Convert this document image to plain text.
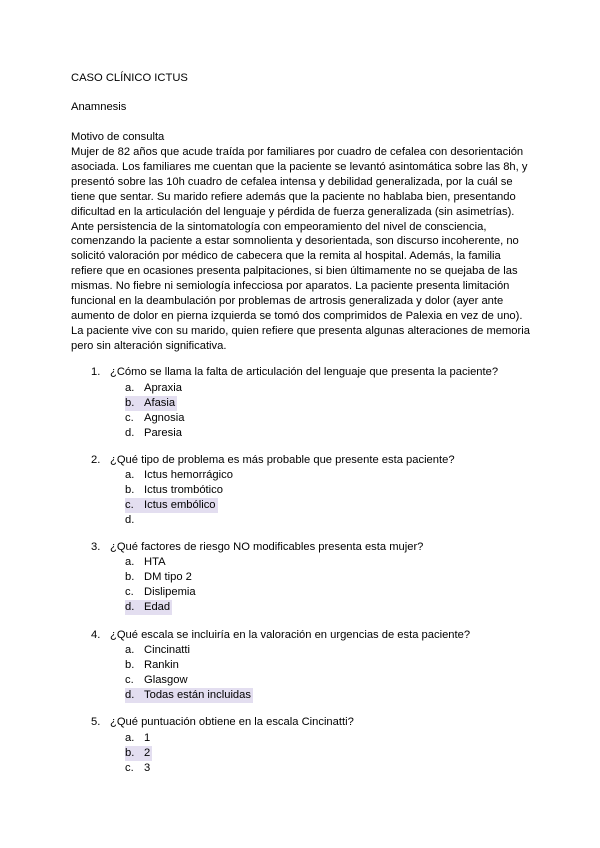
CASO CLÍNICO ICTUS

Anamnesis

Motivo de consulta

Mujer de 82 años que acude traída por familiares por cuadro de cefalea con desorientación
asociada. Los familiares me cuentan que la paciente se levantó asintomática sobre las 8h, y
presentó sobre las 10h cuadro de cefalea intensa y debilidad generalizada, por la cuál se
tiene que sentar. Su marido refiere además que la paciente no hablaba bien, presentando
dificultad en la articulación del lenguaje y pérdida de fuerza generalizada (sin asimetrías).
Ante persistencia de la sintomatología con empeoramiento del nivel de consciencia,
comenzando la paciente a estar somnolienta y desorientada, son discurso incoherente, no
solicitó valoración por médico de cabecera que la remita al hospital. Además, la familia
refiere que en ocasiones presenta palpitaciones, si bien últimamente no se quejaba de las
mismas. No fiebre ni semiología infecciosa por aparatos. La paciente presenta limitación
funcional en la deambulación por problemas de artrosis generalizada y dolor (ayer ante
aumento de dolor en pierna izquierda se tomó dos comprimidos de Palexia en vez de uno).
La paciente vive con su marido, quien refiere que presenta algunas alteraciones de memoria
pero sin alteración significativa.
1. ¿Cómo se llama la falta de articulación del lenguaje que presenta la paciente?
a. Apraxia
b. Afasia
c. Agnosia
d. Paresia
2. ¿Qué tipo de problema es más probable que presente esta paciente?
a. Ictus hemorrágico
b. Ictus trombótico
c. Ictus embólico
d.
3. ¿Qué factores de riesgo NO modificables presenta esta mujer?
a. HTA
b. DM tipo 2
c. Dislipemia
d. Edad
4. ¿Qué escala se incluiría en la valoración en urgencias de esta paciente?
a. Cincinatti
b. Rankin
c. Glasgow
d. Todas están incluidas
5. ¿Qué puntuación obtiene en la escala Cincinatti?
a. 1
b. 2
c. 3
